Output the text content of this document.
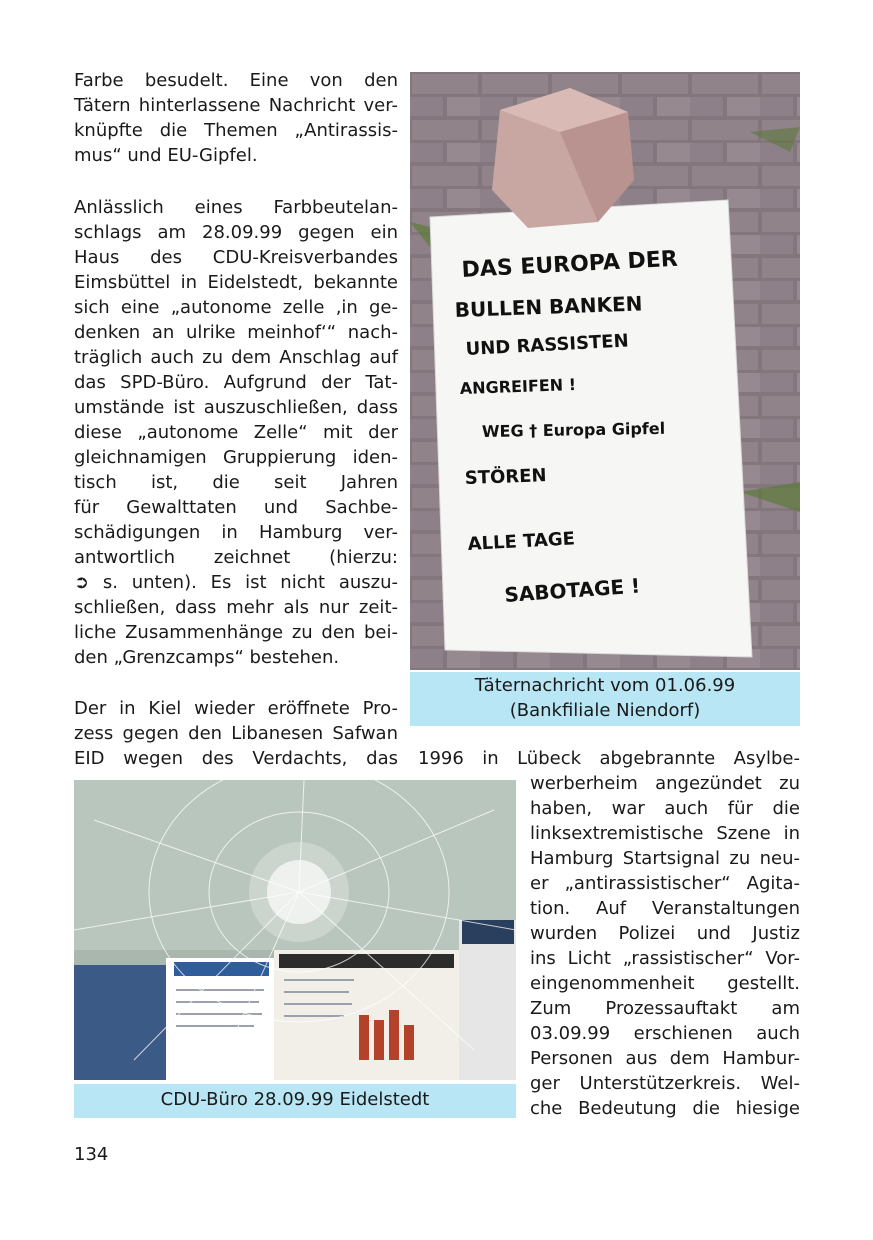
Farbe besudelt. Eine von den
Tätern hinterlassene Nachricht ver-
knüpfte die Themen „Antirassis-
mus“ und EU-Gipfel.
Anlässlich eines Farbbeutelan-
schlags am 28.09.99 gegen ein
Haus des CDU-Kreisverbandes
Eimsbüttel in Eidelstedt, bekannte
sich eine „autonome zelle ‚in ge-
denken an ulrike meinhof‘“ nach-
träglich auch zu dem Anschlag auf
das SPD-Büro. Aufgrund der Tat-
umstände ist auszuschließen, dass
diese „autonome Zelle“ mit der
gleichnamigen Gruppierung iden-
tisch ist, die seit Jahren
für Gewalttaten und Sachbe-
schädigungen in Hamburg ver-
antwortlich zeichnet (hierzu:
➲ s. unten). Es ist nicht auszu-
schließen, dass mehr als nur zeit-
liche Zusammenhänge zu den bei-
den „Grenzcamps“ bestehen.
Der in Kiel wieder eröffnete Pro-
zess gegen den Libanesen Safwan
EID wegen des Verdachts, das
DAS EUROPA DER
BULLEN BANKEN
UND RASSISTEN
ANGREIFEN !
WEG † Europa Gipfel
STÖREN
ALLE TAGE
SABOTAGE !
Täternachricht vom 01.06.99
(Bankfiliale Niendorf)
1996 in Lübeck abgebrannte Asylbe-
CDU-Büro 28.09.99 Eidelstedt
werberheim angezündet zu
haben, war auch für die
linksextremistische Szene in
Hamburg Startsignal zu neu-
er „antirassistischer“ Agita-
tion. Auf Veranstaltungen
wurden Polizei und Justiz
ins Licht „rassistischer“ Vor-
eingenommenheit gestellt.
Zum Prozessauftakt am
03.09.99 erschienen auch
Personen aus dem Hambur-
ger Unterstützerkreis. Wel-
che Bedeutung die hiesige
134
